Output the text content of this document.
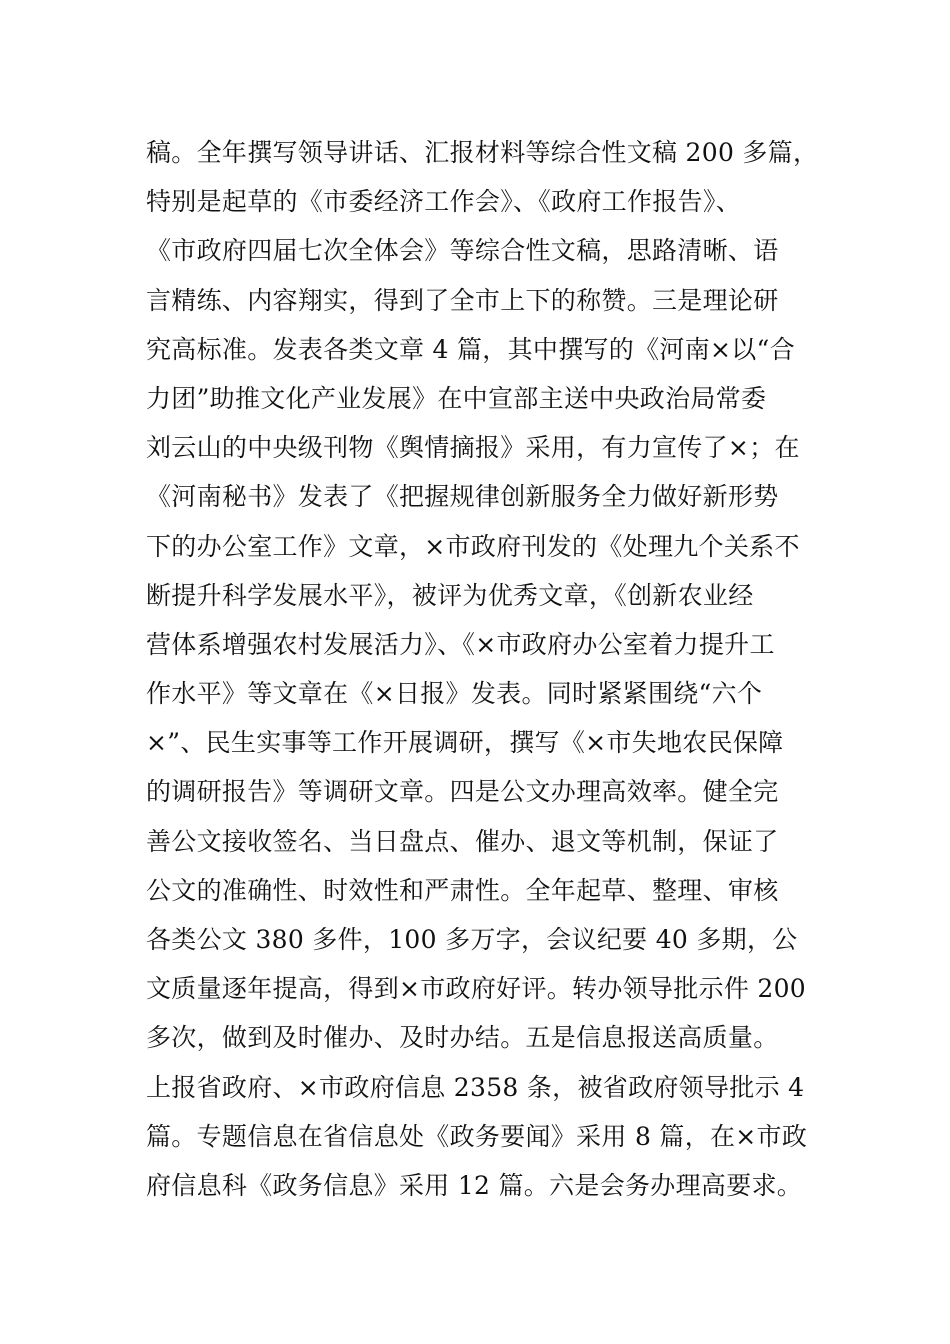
稿。全年撰写领导讲话、汇报材料等综合性文稿 200 多篇，
特别是起草的《市委经济工作会》、《政府工作报告》、
《市政府四届七次全体会》等综合性文稿，思路清晰、语
言精练、内容翔实，得到了全市上下的称赞。三是理论研
究高标准。发表各类文章 4 篇，其中撰写的《河南×以“合
力团”助推文化产业发展》在中宣部主送中央政治局常委
刘云山的中央级刊物《舆情摘报》采用，有力宣传了×；在
《河南秘书》发表了《把握规律创新服务全力做好新形势
下的办公室工作》文章，×市政府刊发的《处理九个关系不
断提升科学发展水平》，被评为优秀文章，《创新农业经
营体系增强农村发展活力》、《×市政府办公室着力提升工
作水平》等文章在《×日报》发表。同时紧紧围绕“六个
×”、民生实事等工作开展调研，撰写《×市失地农民保障
的调研报告》等调研文章。四是公文办理高效率。健全完
善公文接收签名、当日盘点、催办、退文等机制，保证了
公文的准确性、时效性和严肃性。全年起草、整理、审核
各类公文 380 多件，100 多万字，会议纪要 40 多期，公
文质量逐年提高，得到×市政府好评。转办领导批示件 200
多次，做到及时催办、及时办结。五是信息报送高质量。
上报省政府、×市政府信息 2358 条，被省政府领导批示 4
篇。专题信息在省信息处《政务要闻》采用 8 篇，在×市政
府信息科《政务信息》采用 12 篇。六是会务办理高要求。
